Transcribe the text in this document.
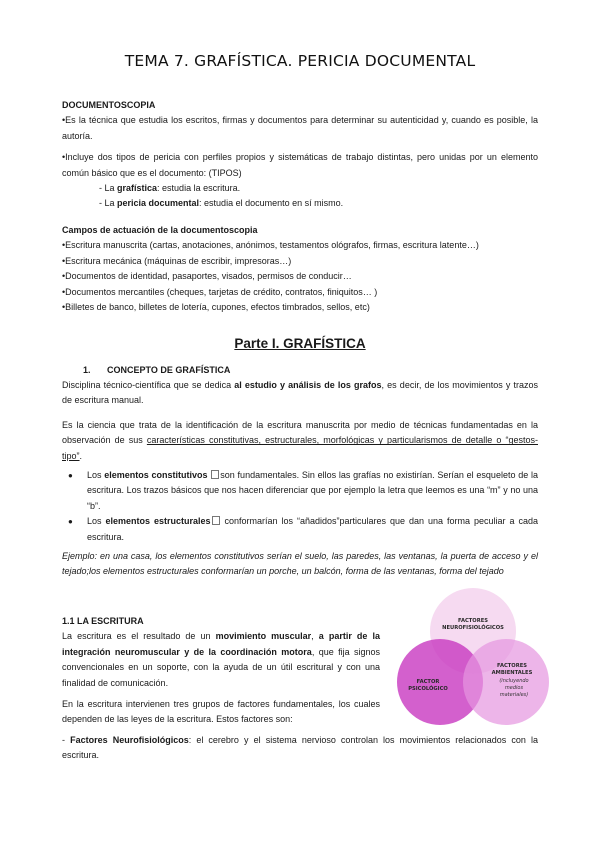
TEMA 7. GRAFÍSTICA. PERICIA DOCUMENTAL
DOCUMENTOSCOPIA
•Es la técnica que estudia los escritos, firmas y documentos para determinar su autenticidad y, cuando es posible, la autoría.
•Incluye dos tipos de pericia con perfiles propios y sistemáticas de trabajo distintas, pero unidas por un elemento común básico que es el documento: (TIPOS)
- La grafística: estudia la escritura.
- La pericia documental: estudia el documento en sí mismo.
Campos de actuación de la documentoscopia
•Escritura manuscrita (cartas, anotaciones, anónimos, testamentos ológrafos, firmas, escritura latente…)
•Escritura mecánica (máquinas de escribir, impresoras…)
•Documentos de identidad, pasaportes, visados, permisos de conducir…
•Documentos mercantiles (cheques, tarjetas de crédito, contratos, finiquitos… )
•Billetes de banco, billetes de lotería, cupones, efectos timbrados, sellos, etc)
Parte I. GRAFÍSTICA
1. CONCEPTO DE GRAFÍSTICA
Disciplina técnico-científica que se dedica al estudio y análisis de los grafos, es decir, de los movimientos y trazos de escritura manual.
Es la ciencia que trata de la identificación de la escritura manuscrita por medio de técnicas fundamentadas en la observación de sus características constitutivas, estructurales, morfológicas y particularismos de detalle o “gestos-tipo”.
● Los elementos constitutivos son fundamentales. Sin ellos las grafías no existirían. Serían el esqueleto de la escritura. Los trazos básicos que nos hacen diferenciar que por ejemplo la letra que leemos es una “m” y no una “b”.
● Los elementos estructurales conformarían los “añadidos”particulares que dan una forma peculiar a cada escritura.
Ejemplo: en una casa, los elementos constitutivos serían el suelo, las paredes, las ventanas, la puerta de acceso y el tejado;los elementos estructurales conformarían un porche, un balcón, forma de las ventanas, forma del tejado
1.1 LA ESCRITURA
La escritura es el resultado de un movimiento muscular, a partir de la integración neuromuscular y de la coordinación motora, que fija signos convencionales en un soporte, con la ayuda de un útil escritural y con una finalidad de comunicación.
En la escritura intervienen tres grupos de factores fundamentales, los cuales dependen de las leyes de la escritura. Estos factores son:
- Factores Neurofisiológicos: el cerebro y el sistema nervioso controlan los movimientos relacionados con la escritura.
FACTORES
NEUROFISIOLÓGICOS
FACTOR
PSICOLÓGICO
FACTORES
AMBIENTALES
(incluyendo
medios
materiales)
